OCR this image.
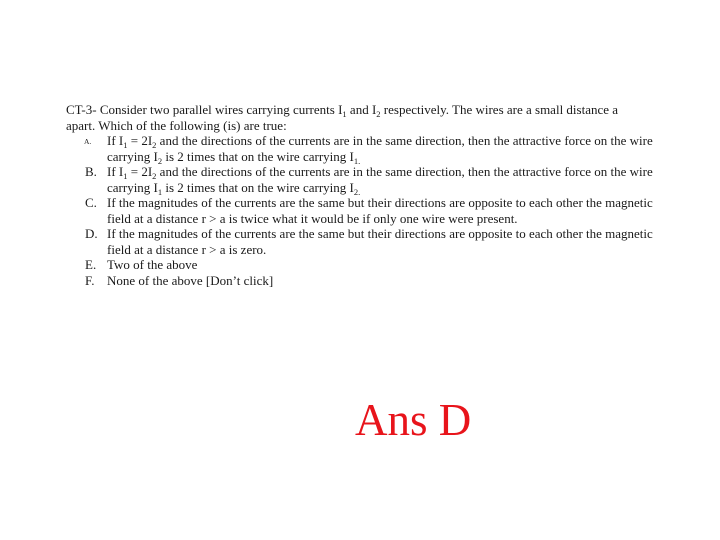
CT-3- Consider two parallel wires carrying currents $I_1$ and $I_2$ respectively. The wires are a small distance a
apart. Which of the following (is) are true:
A. If $I_1 = 2I_2$ and the directions of the currents are in the same direction, then the attractive force on the wire
carrying $I_2$ is 2 times that on the wire carrying $I_{1.}$
B. If $I_1 = 2I_2$ and the directions of the currents are in the same direction, then the attractive force on the wire
carrying $I_1$ is 2 times that on the wire carrying $I_{2.}$
C. If the magnitudes of the currents are the same but their directions are opposite to each other the magnetic
field at a distance r > a is twice what it would be if only one wire were present.
D. If the magnitudes of the currents are the same but their directions are opposite to each other the magnetic
field at a distance r > a is zero.
E. Two of the above
F. None of the above [Don’t click]
Ans D
